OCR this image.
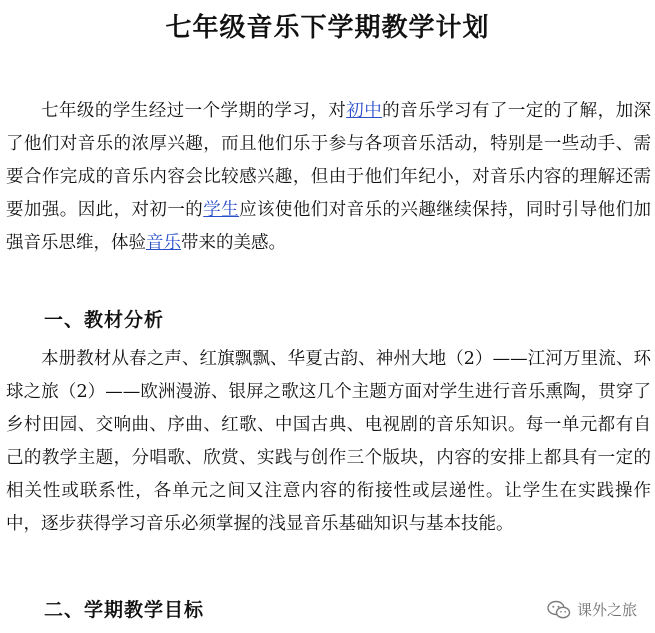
七年级音乐下学期教学计划
七年级的学生经过一个学期的学习，对初中的音乐学习有了一定的了解，加深了他们对音乐的浓厚兴趣，而且他们乐于参与各项音乐活动，特别是一些动手、需要合作完成的音乐内容会比较感兴趣，但由于他们年纪小，对音乐内容的理解还需要加强。因此，对初一的学生应该使他们对音乐的兴趣继续保持，同时引导他们加强音乐思维，体验音乐带来的美感。
一、教材分析
本册教材从春之声、红旗飘飘、华夏古韵、神州大地（2）——江河万里流、环球之旅（2）——欧洲漫游、银屏之歌这几个主题方面对学生进行音乐熏陶，贯穿了乡村田园、交响曲、序曲、红歌、中国古典、电视剧的音乐知识。每一单元都有自己的教学主题，分唱歌、欣赏、实践与创作三个版块，内容的安排上都具有一定的相关性或联系性，各单元之间又注意内容的衔接性或层递性。让学生在实践操作中，逐步获得学习音乐必须掌握的浅显音乐基础知识与基本技能。
二、学期教学目标	课外之旅
